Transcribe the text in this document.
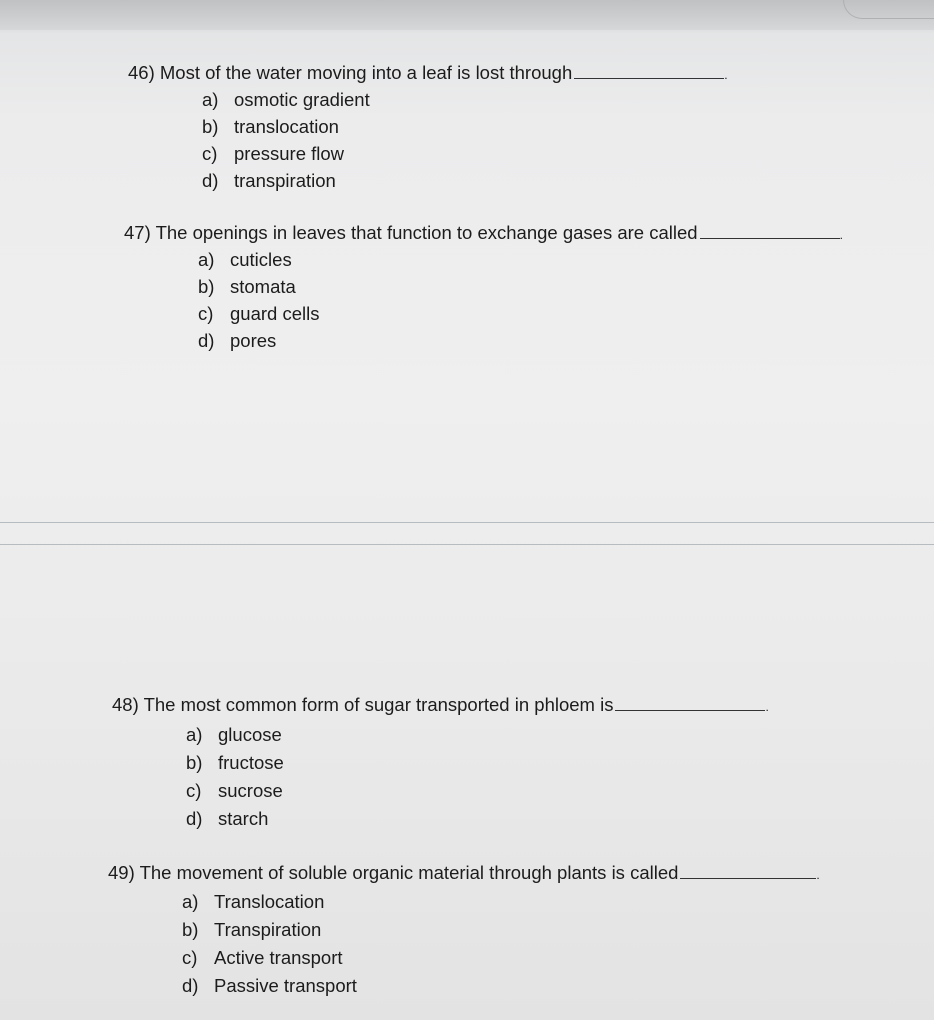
46) Most of the water moving into a leaf is lost through	.
a) osmotic gradient
b) translocation
c) pressure flow
d) transpiration
47) The openings in leaves that function to exchange gases are called	.
a) cuticles
b) stomata
c) guard cells
d) pores
48) The most common form of sugar transported in phloem is	.
a) glucose
b) fructose
c) sucrose
d) starch
49) The movement of soluble organic material through plants is called	.
a) Translocation
b) Transpiration
c) Active transport
d) Passive transport
